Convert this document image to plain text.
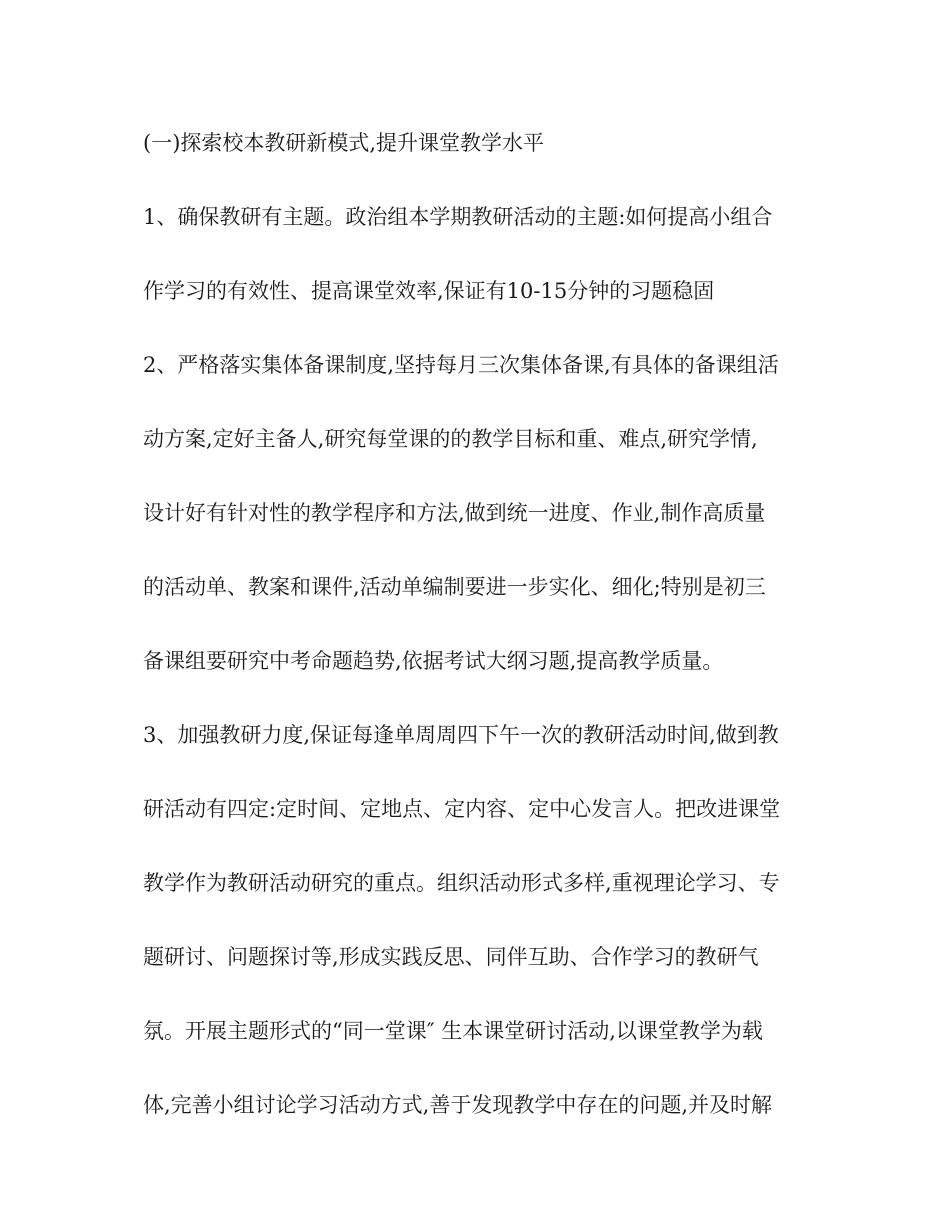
(一)探索校本教研新模式,提升课堂教学水平
1、确保教研有主题。政治组本学期教研活动的主题:如何提高小组合
作学习的有效性、提高课堂效率,保证有10-15分钟的习题稳固
2、严格落实集体备课制度,坚持每月三次集体备课,有具体的备课组活
动方案,定好主备人,研究每堂课的的教学目标和重、难点,研究学情,
设计好有针对性的教学程序和方法,做到统一进度、作业,制作高质量
的活动单、教案和课件,活动单编制要进一步实化、细化;特别是初三
备课组要研究中考命题趋势,依据考试大纲习题,提高教学质量。
3、加强教研力度,保证每逢单周周四下午一次的教研活动时间,做到教
研活动有四定:定时间、定地点、定内容、定中心发言人。把改进课堂
教学作为教研活动研究的重点。组织活动形式多样,重视理论学习、专
题研讨、问题探讨等,形成实践反思、同伴互助、合作学习的教研气
氛。开展主题形式的“同一堂课″ 生本课堂研讨活动,以课堂教学为载
体,完善小组讨论学习活动方式,善于发现教学中存在的问题,并及时解
